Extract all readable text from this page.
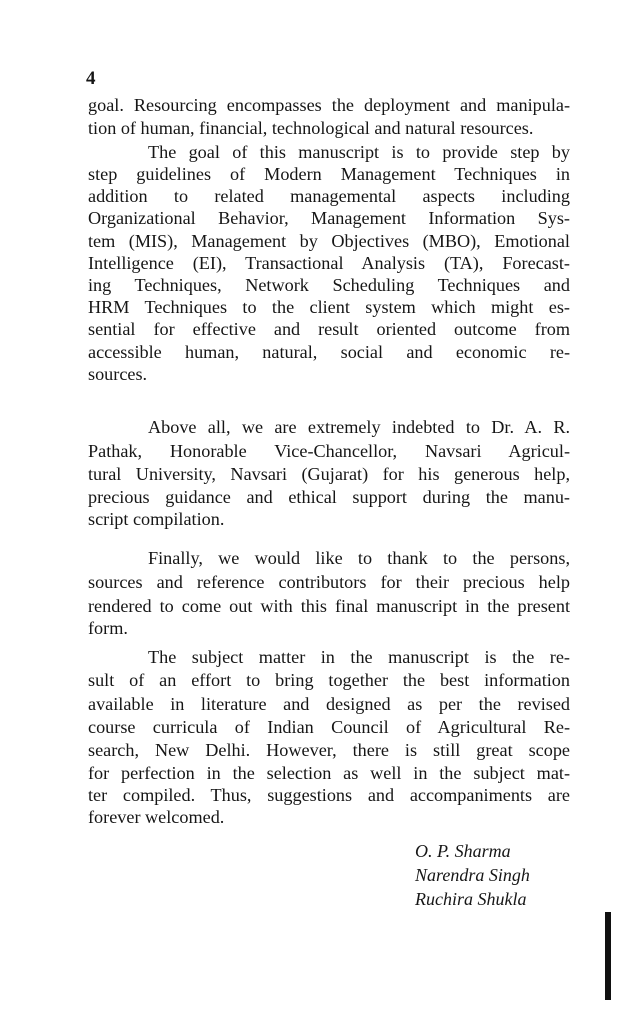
4
goal. Resourcing encompasses the deployment and manipula-
tion of human, financial, technological and natural resources.
The goal of this manuscript is to provide step by
step guidelines of Modern Management Techniques in
addition to related managemental aspects including
Organizational Behavior, Management Information Sys-
tem (MIS), Management by Objectives (MBO), Emotional
Intelligence (EI), Transactional Analysis (TA), Forecast-
ing Techniques, Network Scheduling Techniques and
HRM Techniques to the client system which might es-
sential for effective and result oriented outcome from
accessible human, natural, social and economic re-
sources.
Above all, we are extremely indebted to Dr. A. R.
Pathak, Honorable Vice-Chancellor, Navsari Agricul-
tural University, Navsari (Gujarat) for his generous help,
precious guidance and ethical support during the manu-
script compilation.
Finally, we would like to thank to the persons,
sources and reference contributors for their precious help
rendered to come out with this final manuscript in the present
form.
The subject matter in the manuscript is the re-
sult of an effort to bring together the best information
available in literature and designed as per the revised
course curricula of Indian Council of Agricultural Re-
search, New Delhi. However, there is still great scope
for perfection in the selection as well in the subject mat-
ter compiled. Thus, suggestions and accompaniments are
forever welcomed.
O. P. Sharma
Narendra Singh
Ruchira Shukla
